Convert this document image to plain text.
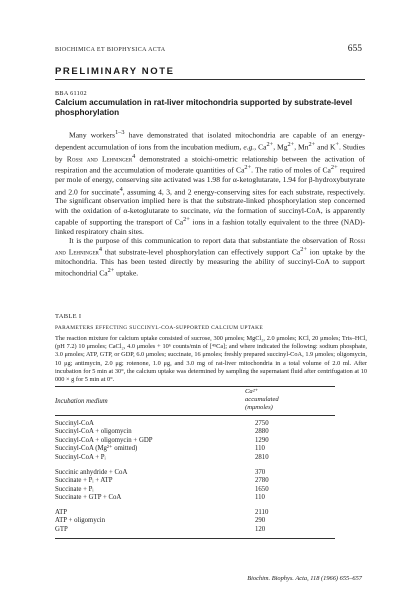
BIOCHIMICA ET BIOPHYSICA ACTA	655
PRELIMINARY NOTE
BBA 61102
Calcium accumulation in rat-liver mitochondria supported by substrate-level phosphorylation

Many workers$^{1-3}$ have demonstrated that isolated mitochondria are capable of an energy-dependent accumulation of ions from the incubation medium, e.g., $Ca^{2+}$, $Mg^{2+}$, $Mn^{2+}$ and K+. Studies by Rossi and Lehninger$^4$ demonstrated a stoichi-ometric relationship between the activation of respiration and the accumulation of moderate quantities of $Ca^{2+}$. The ratio of moles of $Ca^{2+}$ required per mole of energy, conserving site activated was 1.98 for α-ketoglutarate, 1.94 for β-hydroxybutyrate and 2.0 for succinate$^4$, assuming 4, 3, and 2 energy-conserving sites for each substrate, respectively. The significant observation implied here is that the substrate-linked phosphorylation step concerned with the oxidation of α-ketoglutarate to succinate, via the formation of succinyl-CoA, is apparently capable of supporting the transport of $Ca^{2+}$ ions in a fashion totally equivalent to the three (NAD)-linked respiratory chain sites.

It is the purpose of this communication to report data that substantiate the observation of Rossi and Lehninger$^4$ that substrate-level phosphorylation can effectively support $Ca^{2+}$ ion uptake by the mitochondria. This has been tested directly by measuring the ability of succinyl-CoA to support mitochondrial $Ca^{2+}$ uptake.

TABLE I
PARAMETERS EFFECTING SUCCINYL-COA-SUPPORTED CALCIUM UPTAKE
The reaction mixture for calcium uptake consisted of sucrose, 300 μmoles; MgCl₂, 2.0 μmoles; KCl, 20 μmoles; Tris–HCl, (pH 7.2) 10 μmoles; CaCl₂, 4.0 μmoles + 10⁶ counts/min of [⁴⁵Ca]; and where indicated the following: sodium phosphate, 3.0 μmoles; ATP, GTP, or GDP, 6.0 μmoles; succinate, 16 μmoles; freshly prepared succinyl-CoA, 1.9 μmoles; oligomycin, 10 μg; antimycin, 2.0 μg; rotenone, 1.0 μg, and 3.0 mg of rat-liver mitochondria in a total volume of 2.0 ml. After incubation for 5 min at 30°, the calcium uptake was determined by sampling the supernatant fluid after centrifugation at 10 000 × g for 5 min at 0°.
Incubation medium
Ca²⁺
accumulated
(mμmoles)
Succinyl-CoA	2750
Succinyl-CoA + oligomycin	2880
Succinyl-CoA + oligomycin + GDP	1290
Succinyl-CoA (Mg²⁺ omitted)	110
Succinyl-CoA + Pᵢ	2810
Succinic anhydride + CoA	370
Succinate + Pᵢ + ATP	2780
Succinate + Pᵢ	1650
Succinate + GTP + CoA	110
ATP	2110
ATP + oligomycin	290
GTP	120
Biochim. Biophys. Acta, 118 (1966) 655–657
